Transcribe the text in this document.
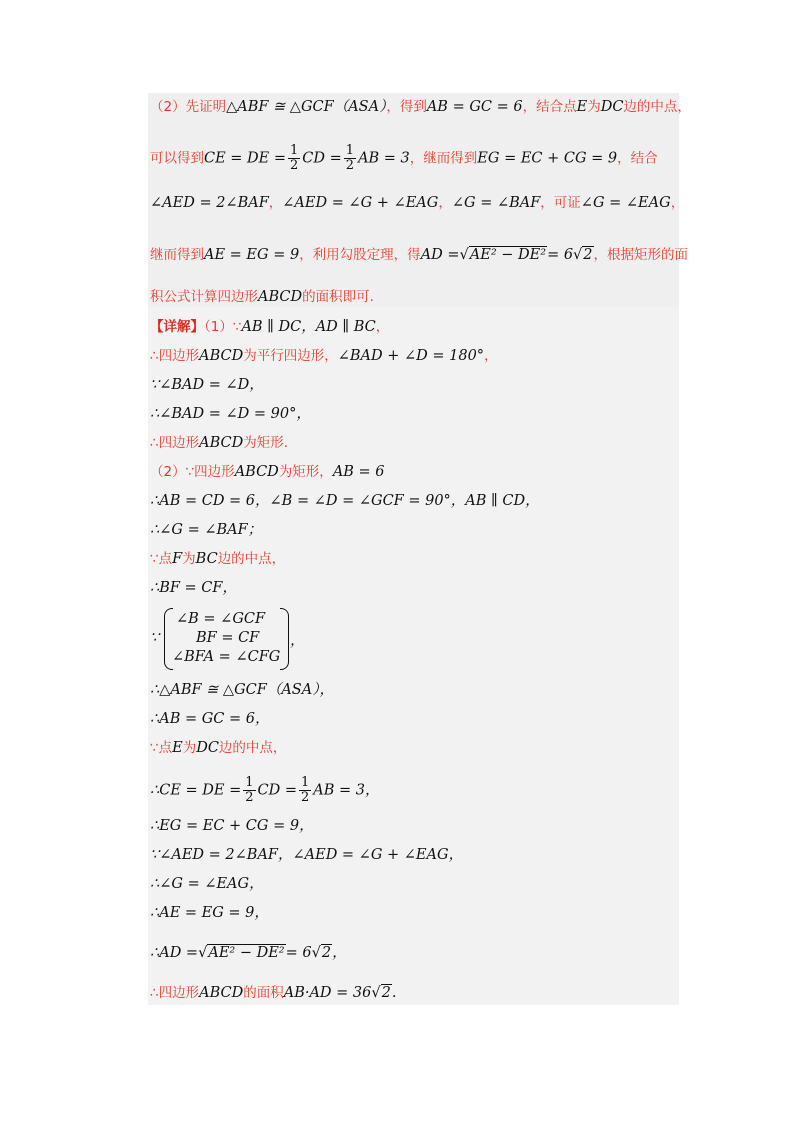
（2）先证明△ABF ≅ △GCF（ASA），得到AB = GC = 6，结合点E为DC边的中点，
可以得到CE = DE = $\frac{1}{2}$ CD = $\frac{1}{2}$ AB = 3，继而得到EG = EC + CG = 9，结合
∠AED = 2∠BAF，∠AED = ∠G + ∠EAG，∠G = ∠BAF，可证∠G = ∠EAG，
继而得到AE = EG = 9，利用勾股定理，得AD =√AE² − DE²= 6√2，根据矩形的面
积公式计算四边形ABCD的面积即可.
【详解】（1）∵AB ∥ DC，AD ∥ BC，
∴四边形ABCD为平行四边形，∠BAD + ∠D = 180°，
∵∠BAD = ∠D，
∴∠BAD = ∠D = 90°，
∴四边形ABCD为矩形.
（2）∵四边形ABCD为矩形，AB = 6
∴AB = CD = 6，∠B = ∠D = ∠GCF = 90°，AB ∥ CD，
∴∠G = ∠BAF；
∵点F为BC边的中点，
∴BF = CF，
∵
∠B = ∠GCF
BF = CF
∠BFA = ∠CFG
，
∴△ABF ≅ △GCF（ASA），
∴AB = GC = 6，
∵点E为DC边的中点，
∴CE = DE = $\frac{1}{2}$ CD = $\frac{1}{2}$ AB = 3，
∴EG = EC + CG = 9，
∵∠AED = 2∠BAF，∠AED = ∠G + ∠EAG，
∴∠G = ∠EAG，
∴AE = EG = 9，
∴AD =√AE² − DE²= 6√2，
∴四边形ABCD的面积AB·AD = 36√2.
